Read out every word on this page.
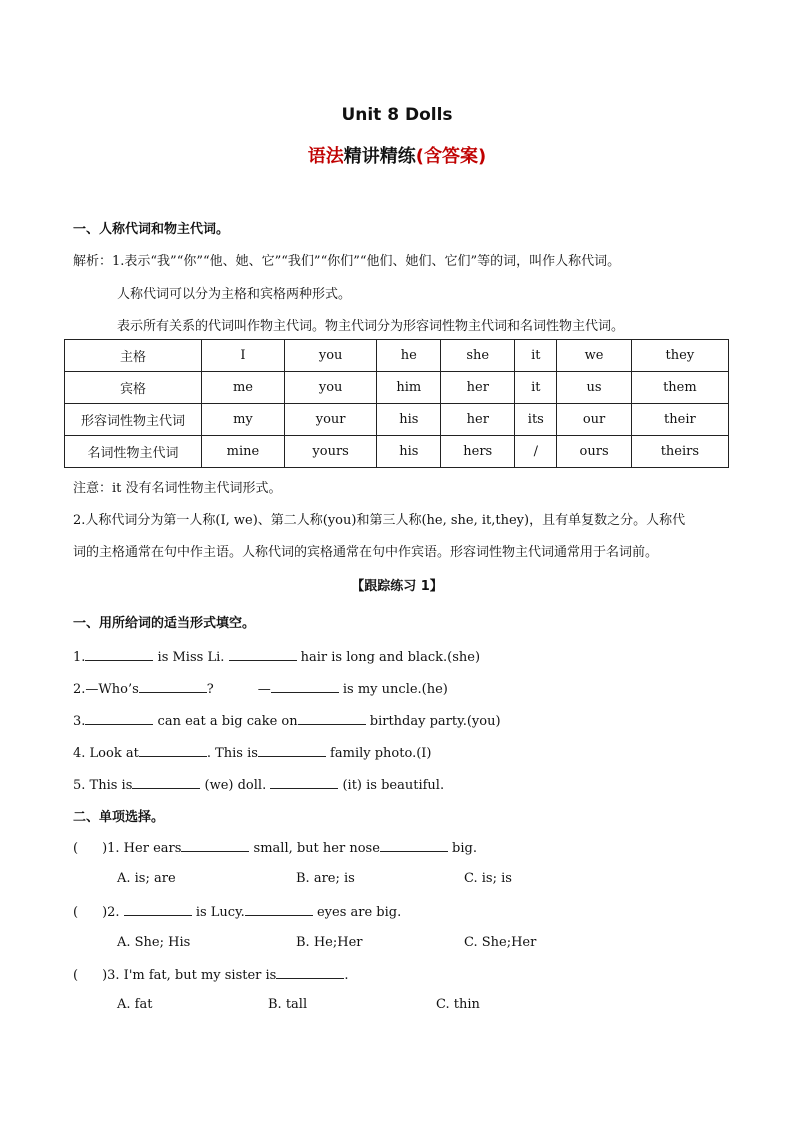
Unit 8 Dolls
语法精讲精练(含答案)
一、人称代词和物主代词。
解析：1.表示“我”“你”“他、她、它”“我们”“你们”“他们、她们、它们”等的词，叫作人称代词。
人称代词可以分为主格和宾格两种形式。
表示所有关系的代词叫作物主代词。物主代词分为形容词性物主代词和名词性物主代词。
主格	I	you	he	she	it	we	they
宾格	me	you	him	her	it	us	them
形容词性物主代词	my	your	his	her	its	our	their
名词性物主代词	mine	yours	his	hers	/	ours	theirs
注意：it 没有名词性物主代词形式。
2.人称代词分为第一人称(I, we)、第二人称(you)和第三人称(he, she, it,they)，且有单复数之分。人称代
词的主格通常在句中作主语。人称代词的宾格通常在句中作宾语。形容词性物主代词通常用于名词前。
【跟踪练习 1】
一、用所给词的适当形式填空。
1.	is Miss Li.	hair is long and black.(she)
2.—Who’s	?	—	is my uncle.(he)
3.	can eat a big cake on	birthday party.(you)
4. Look at	. This is	family photo.(I)
5. This is	(we) doll.	(it) is beautiful.
二、单项选择。
( )1. Her ears	small, but her nose	big.
A. is; are	B. are; is	C. is; is
( )2.	is Lucy.	eyes are big.
A. She; His	B. He;Her	C. She;Her
( )3. I'm fat, but my sister is	.
A. fat	B. tall	C. thin
